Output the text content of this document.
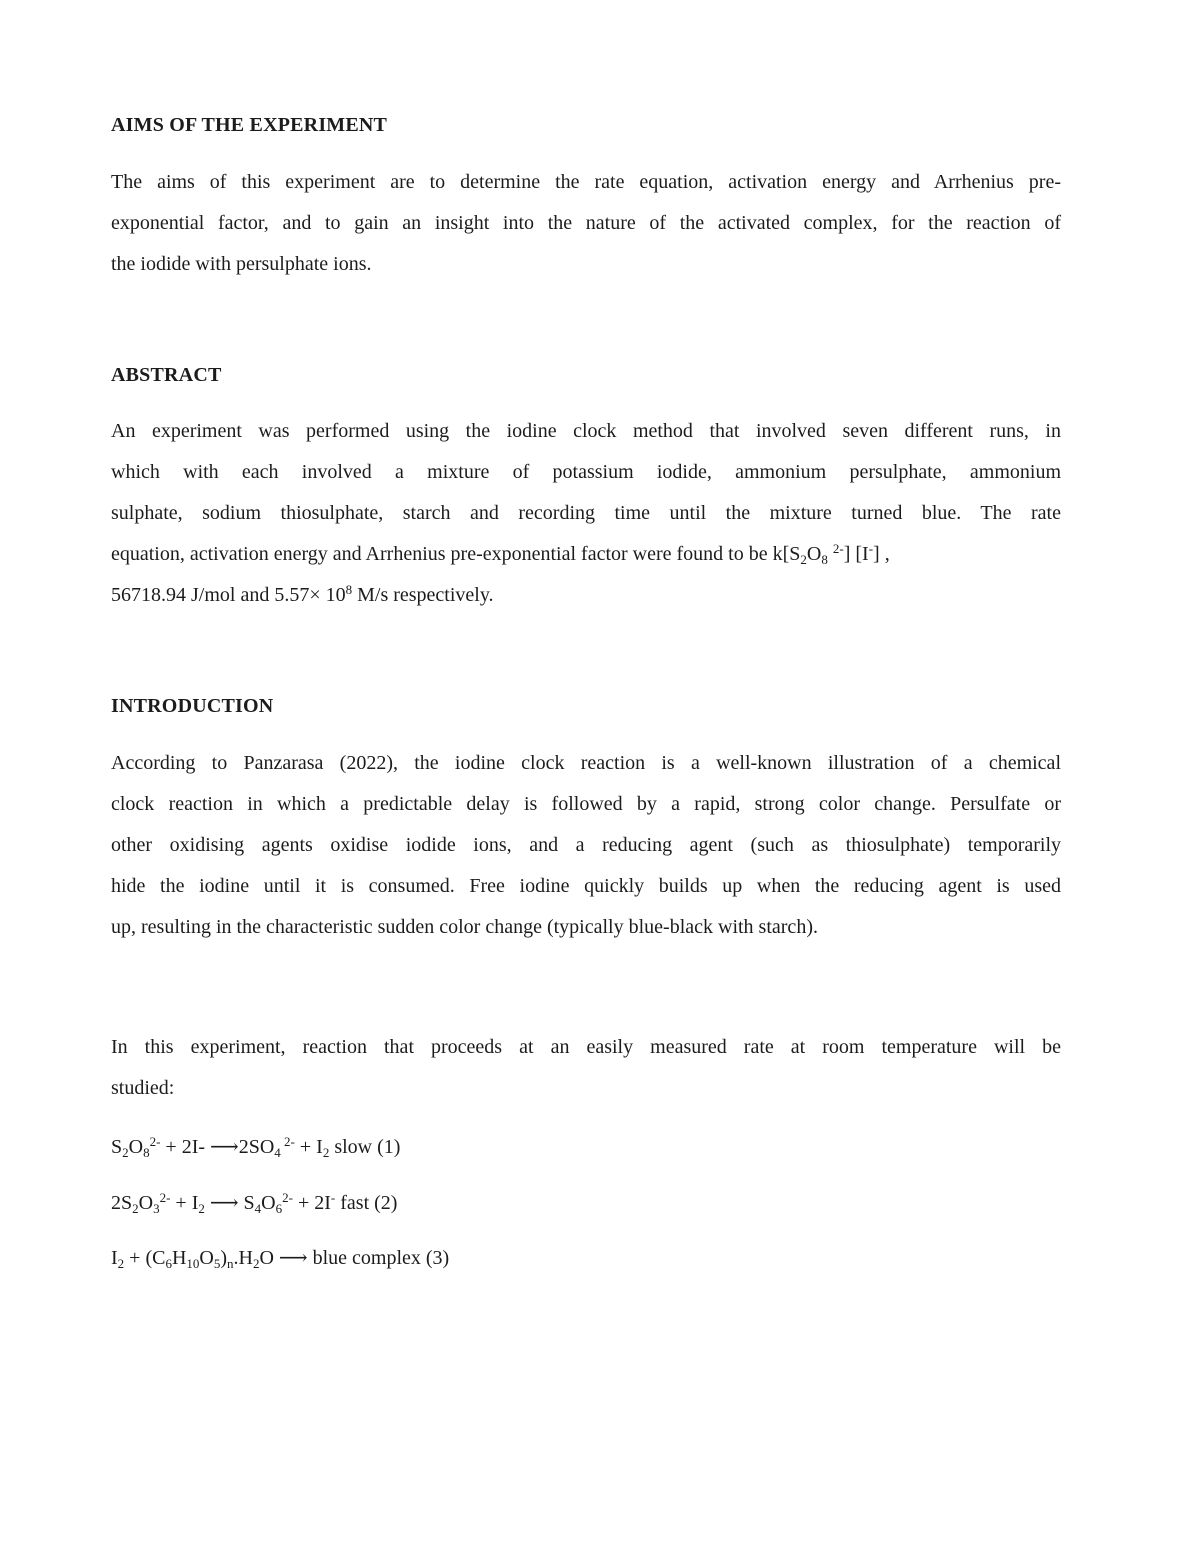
AIMS OF THE EXPERIMENT
The aims of this experiment are to determine the rate equation, activation energy and Arrhenius pre-
exponential factor, and to gain an insight into the nature of the activated complex, for the reaction of
the iodide with persulphate ions.
ABSTRACT
An experiment was performed using the iodine clock method that involved seven different runs, in
which with each involved a mixture of potassium iodide, ammonium persulphate, ammonium
sulphate, sodium thiosulphate, starch and recording time until the mixture turned blue. The rate
equation, activation energy and Arrhenius pre-exponential factor were found to be $k[S_2O_8$ $^{2-}$] [I-] ,
56718.94 J/mol and $5.57\times 10^8$ M/s respectively.
INTRODUCTION
According to Panzarasa (2022), the iodine clock reaction is a well-known illustration of a chemical
clock reaction in which a predictable delay is followed by a rapid, strong color change. Persulfate or
other oxidising agents oxidise iodide ions, and a reducing agent (such as thiosulphate) temporarily
hide the iodine until it is consumed. Free iodine quickly builds up when the reducing agent is used
up, resulting in the characteristic sudden color change (typically blue-black with starch).
In this experiment, reaction that proceeds at an easily measured rate at room temperature will be
studied:
$S_2O_8^{2-} + 2I-$ $⟶2SO_4$ $^{2-} + I_2$ slow (1)
$2S_2O_3^{2-} + I_2$ ⟶ $S_4O_6^{2-} + 2I^-$ fast (2)
$I_2 + (C_6H_{10}O_5)_n.H_2O$ ⟶ blue complex (3)
